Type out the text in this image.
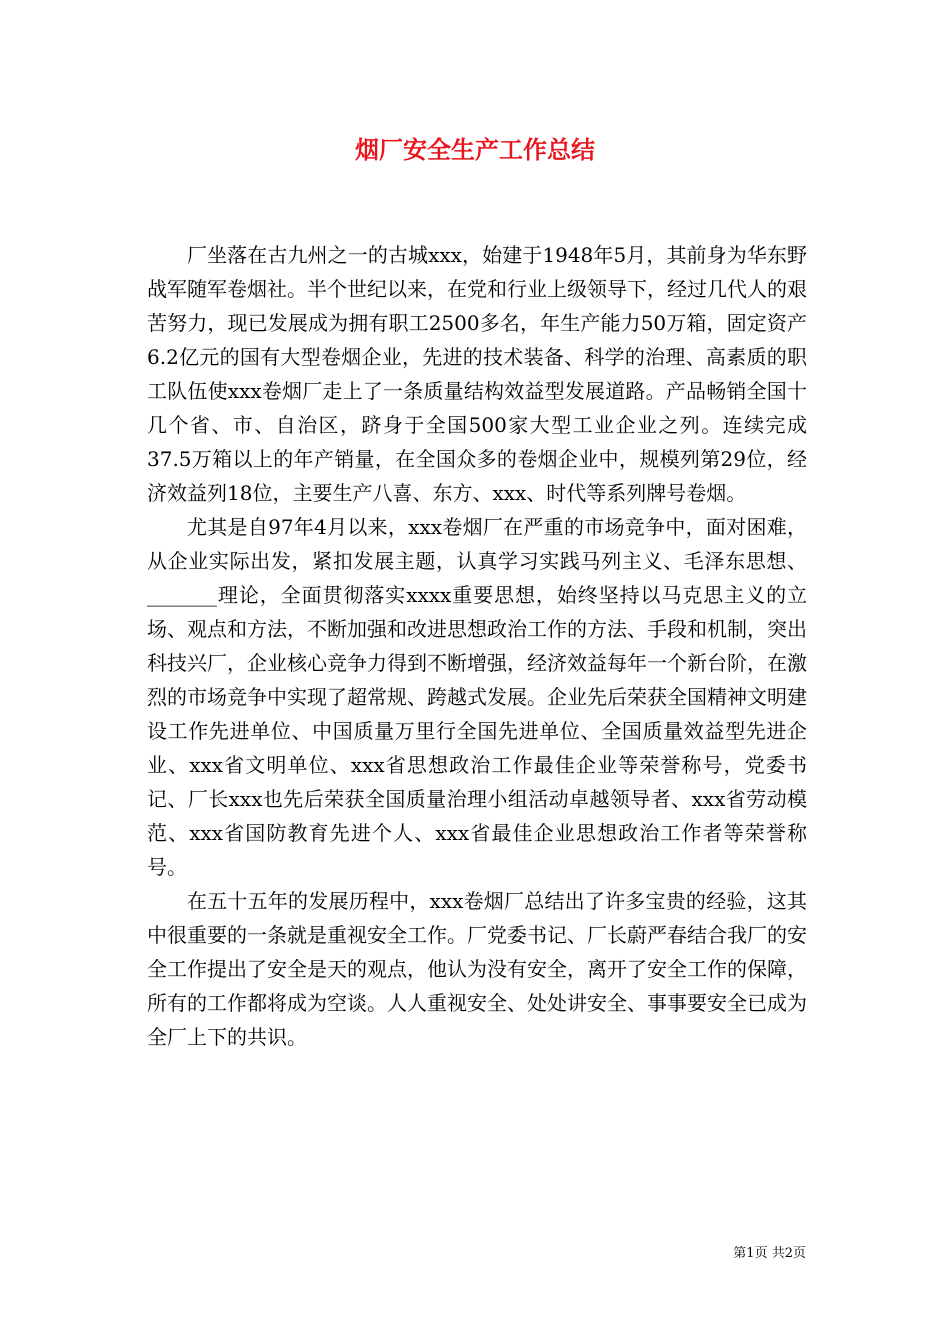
烟厂安全生产工作总结

厂坐落在古九州之一的古城xxx，始建于1948年5月，其前身为华东野战军随军卷烟社。半个世纪以来，在党和行业上级领导下，经过几代人的艰苦努力，现已发展成为拥有职工2500多名，年生产能力50万箱，固定资产6.2亿元的国有大型卷烟企业，先进的技术装备、科学的治理、高素质的职工队伍使xxx卷烟厂走上了一条质量结构效益型发展道路。产品畅销全国十几个省、市、自治区，跻身于全国500家大型工业企业之列。连续完成37.5万箱以上的年产销量，在全国众多的卷烟企业中，规模列第29位，经济效益列18位，主要生产八喜、东方、xxx、时代等系列牌号卷烟。

尤其是自97年4月以来，xxx卷烟厂在严重的市场竞争中，面对困难，从企业实际出发，紧扣发展主题，认真学习实践马列主义、毛泽东思想、_______理论，全面贯彻落实xxxx重要思想，始终坚持以马克思主义的立场、观点和方法，不断加强和改进思想政治工作的方法、手段和机制，突出科技兴厂，企业核心竞争力得到不断增强，经济效益每年一个新台阶，在激烈的市场竞争中实现了超常规、跨越式发展。企业先后荣获全国精神文明建设工作先进单位、中国质量万里行全国先进单位、全国质量效益型先进企业、xxx省文明单位、xxx省思想政治工作最佳企业等荣誉称号，党委书记、厂长xxx也先后荣获全国质量治理小组活动卓越领导者、xxx省劳动模范、xxx省国防教育先进个人、xxx省最佳企业思想政治工作者等荣誉称号。

在五十五年的发展历程中，xxx卷烟厂总结出了许多宝贵的经验，这其中很重要的一条就是重视安全工作。厂党委书记、厂长蔚严春结合我厂的安全工作提出了安全是天的观点，他认为没有安全，离开了安全工作的保障，所有的工作都将成为空谈。人人重视安全、处处讲安全、事事要安全已成为全厂上下的共识。

第1页 共2页
